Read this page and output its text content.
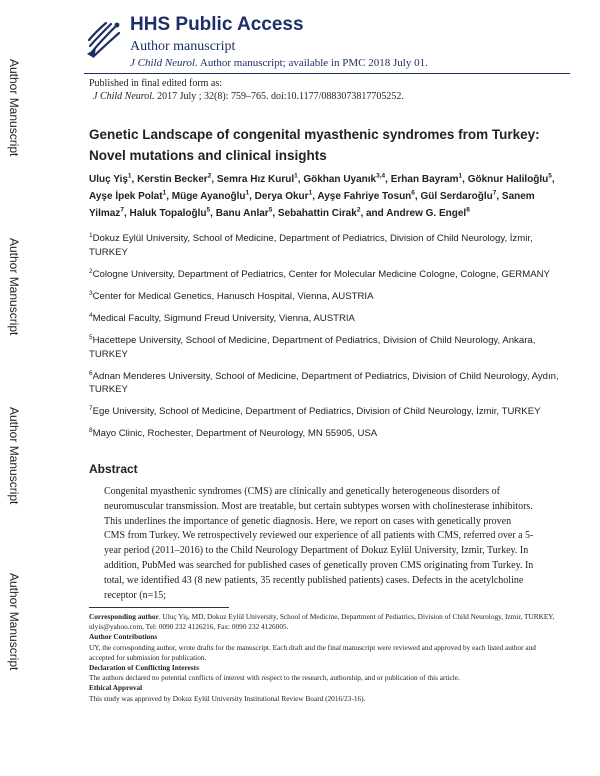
Author Manuscript
Author Manuscript
Author Manuscript
Author Manuscript
HHS Public Access
Author manuscript
J Child Neurol. Author manuscript; available in PMC 2018 July 01.
Published in final edited form as:
J Child Neurol. 2017 July ; 32(8): 759–765. doi:10.1177/0883073817705252.
Genetic Landscape of congenital myasthenic syndromes from Turkey: Novel mutations and clinical insights
Uluç Yiş$^1$, Kerstin Becker$^2$, Semra Hız Kurul$^1$, Gökhan Uyanık$^{3,4}$, Erhan Bayram$^1$, Göknur Haliloğlu$^5$, Ayşe İpek Polat$^1$, Müge Ayanoğlu$^1$, Derya Okur$^1$, Ayşe Fahriye Tosun$^6$, Gül Serdaroğlu$^7$, Sanem Yilmaz$^7$, Haluk Topaloğlu$^5$, Banu Anlar$^5$, Sebahattin Cirak$^2$, and Andrew G. Engel$^8$
$^1$Dokuz Eylül University, School of Medicine, Department of Pediatrics, Division of Child Neurology, İzmir, TURKEY
$^2$Cologne University, Department of Pediatrics, Center for Molecular Medicine Cologne, Cologne, GERMANY
$^3$Center for Medical Genetics, Hanusch Hospital, Vienna, AUSTRIA
$^4$Medical Faculty, Sigmund Freud University, Vienna, AUSTRIA
$^5$Hacettepe University, School of Medicine, Department of Pediatrics, Division of Child Neurology, Ankara, TURKEY
$^6$Adnan Menderes University, School of Medicine, Department of Pediatrics, Division of Child Neurology, Aydın, TURKEY
$^7$Ege University, School of Medicine, Department of Pediatrics, Division of Child Neurology, İzmir, TURKEY
$^8$Mayo Clinic, Rochester, Department of Neurology, MN 55905, USA
Abstract
Congenital myasthenic syndromes (CMS) are clinically and genetically heterogeneous disorders of neuromuscular transmission. Most are treatable, but certain subtypes worsen with cholinesterase inhibitors. This underlines the importance of genetic diagnosis. Here, we report on cases with genetically proven CMS from Turkey. We retrospectively reviewed our experience of all patients with CMS, referred over a 5-year period (2011–2016) to the Child Neurology Department of Dokuz Eylül University, Izmir, Turkey. In addition, PubMed was searched for published cases of genetically proven CMS originating from Turkey. In total, we identified 43 (8 new patients, 35 recently published patients) cases. Defects in the acetylcholine receptor (n=15;
Corresponding author. Uluç Yiş, MD, Dokuz Eylül University, School of Medicine, Department of Pediatrics, Division of Child Neurology, Izmir, TURKEY, ulyis@yahoo.com, Tel: 0090 232 4126216, Fax: 0090 232 4126005.
Author Contributions
UY, the corresponding author, wrote drafts for the manuscript. Each draft and the final manuscript were reviewed and approved by each listed author and accepted for submission for publication.
Declaration of Conflicting Interests
The authors declared no potential conflicts of interest with respect to the research, authorship, and or publication of this article.
Ethical Approval
This study was approved by Dokuz Eylül University Institutional Review Board (2016/23-16).
